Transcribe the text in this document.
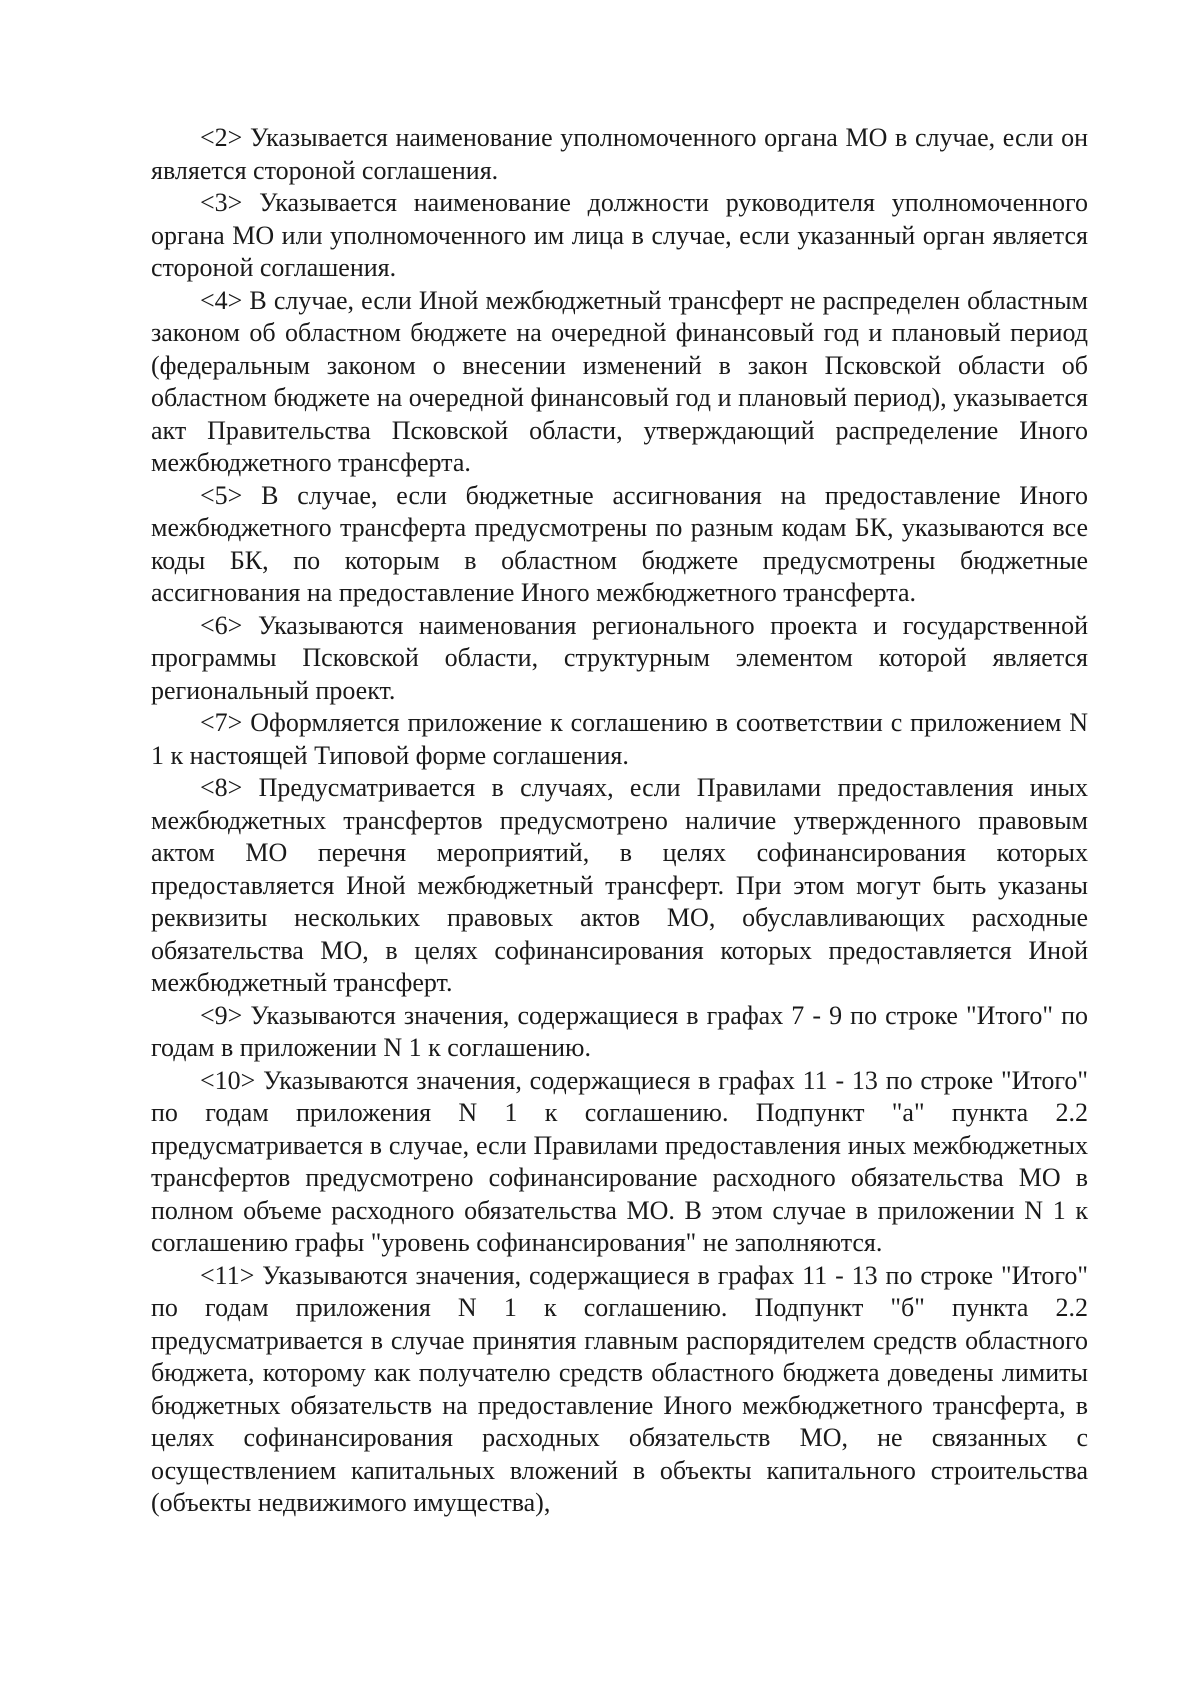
<2> Указывается наименование уполномоченного органа МО в случае, если он является стороной соглашения.

<3> Указывается наименование должности руководителя уполномоченного органа МО или уполномоченного им лица в случае, если указанный орган является стороной соглашения.

<4> В случае, если Иной межбюджетный трансферт не распределен областным законом об областном бюджете на очередной финансовый год и плановый период (федеральным законом о внесении изменений в закон Псковской области об областном бюджете на очередной финансовый год и плановый период), указывается акт Правительства Псковской области, утверждающий распределение Иного межбюджетного трансферта.

<5> В случае, если бюджетные ассигнования на предоставление Иного межбюджетного трансферта предусмотрены по разным кодам БК, указываются все коды БК, по которым в областном бюджете предусмотрены бюджетные ассигнования на предоставление Иного межбюджетного трансферта.

<6> Указываются наименования регионального проекта и государственной программы Псковской области, структурным элементом которой является региональный проект.

<7> Оформляется приложение к соглашению в соответствии с приложением N 1 к настоящей Типовой форме соглашения.

<8> Предусматривается в случаях, если Правилами предоставления иных межбюджетных трансфертов предусмотрено наличие утвержденного правовым актом МО перечня мероприятий, в целях софинансирования которых предоставляется Иной межбюджетный трансферт. При этом могут быть указаны реквизиты нескольких правовых актов МО, обуславливающих расходные обязательства МО, в целях софинансирования которых предоставляется Иной межбюджетный трансферт.

<9> Указываются значения, содержащиеся в графах 7 - 9 по строке "Итого" по годам в приложении N 1 к соглашению.

<10> Указываются значения, содержащиеся в графах 11 - 13 по строке "Итого" по годам приложения N 1 к соглашению. Подпункт "а" пункта 2.2 предусматривается в случае, если Правилами предоставления иных межбюджетных трансфертов предусмотрено софинансирование расходного обязательства МО в полном объеме расходного обязательства МО. В этом случае в приложении N 1 к соглашению графы "уровень софинансирования" не заполняются.

<11> Указываются значения, содержащиеся в графах 11 - 13 по строке "Итого" по годам приложения N 1 к соглашению. Подпункт "б" пункта 2.2 предусматривается в случае принятия главным распорядителем средств областного бюджета, которому как получателю средств областного бюджета доведены лимиты бюджетных обязательств на предоставление Иного межбюджетного трансферта, в целях софинансирования расходных обязательств МО, не связанных с осуществлением капитальных вложений в объекты капитального строительства (объекты недвижимого имущества),
